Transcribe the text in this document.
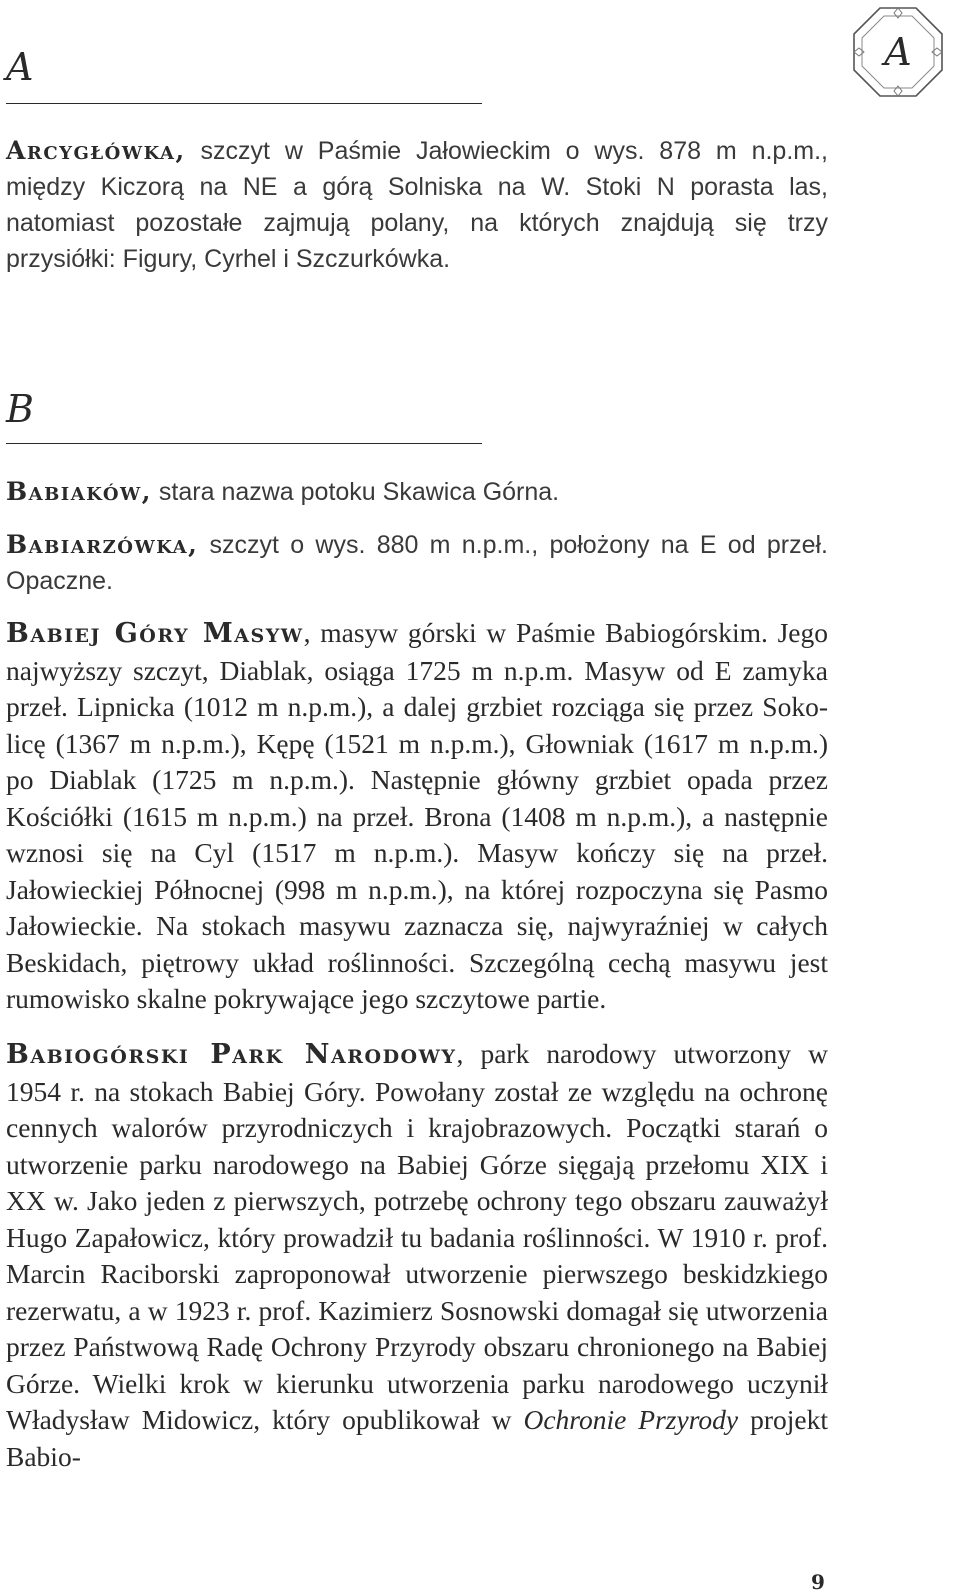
A	A

Arcygłówka, szczyt w Paśmie Jałowieckim o wys. 878 m n.p.m., między Kiczorą na NE a górą Solniska na W. Stoki N porasta las, natomiast pozostałe zajmują polany, na których znajdują się trzy przysiółki: Figury, Cyrhel i Szczurkówka.

B

Babiaków, stara nazwa potoku Skawica Górna.

Babiarzówka, szczyt o wys. 880 m n.p.m., położony na E od przeł. Opaczne.

Babiej Góry Masyw, masyw górski w Paśmie Babiogórskim. Jego najwyższy szczyt, Diablak, osiąga 1725 m n.p.m. Masyw od E zamyka przeł. Lipnicka (1012 m n.p.m.), a dalej grzbiet rozciąga się przez Sokolicę (1367 m n.p.m.), Kępę (1521 m n.p.m.), Głowniak (1617 m n.p.m.) po Diablak (1725 m n.p.m.). Następnie główny grzbiet opada przez Kościółki (1615 m n.p.m.) na przeł. Brona (1408 m n.p.m.), a następnie wznosi się na Cyl (1517 m n.p.m.). Masyw kończy się na przeł. Jałowieckiej Północnej (998 m n.p.m.), na której rozpoczyna się Pasmo Jałowieckie. Na stokach masywu zaznacza się, najwyraźniej w całych Beskidach, piętrowy układ roślinności. Szczególną cechą masywu jest rumowisko skalne pokrywające jego szczytowe partie.

Babiogórski Park Narodowy, park narodowy utworzony w 1954 r. na stokach Babiej Góry. Powołany został ze względu na ochronę cennych walorów przyrodniczych i krajobrazowych. Początki starań o utworzenie parku narodowego na Babiej Górze sięgają przełomu XIX i XX w. Jako jeden z pierwszych, potrzebę ochrony tego obszaru zauważył Hugo Zapałowicz, który prowadził tu badania roślinności. W 1910 r. prof. Marcin Raciborski zaproponował utworzenie pierwszego beskidzkiego rezerwatu, a w 1923 r. prof. Kazimierz Sosnowski domagał się utworzenia przez Państwową Radę Ochrony Przyrody obszaru chronionego na Babiej Górze. Wielki krok w kierunku utworzenia parku narodowego uczynił Władysław Midowicz, który opublikował w Ochronie Przyrody projekt Babio-

9
